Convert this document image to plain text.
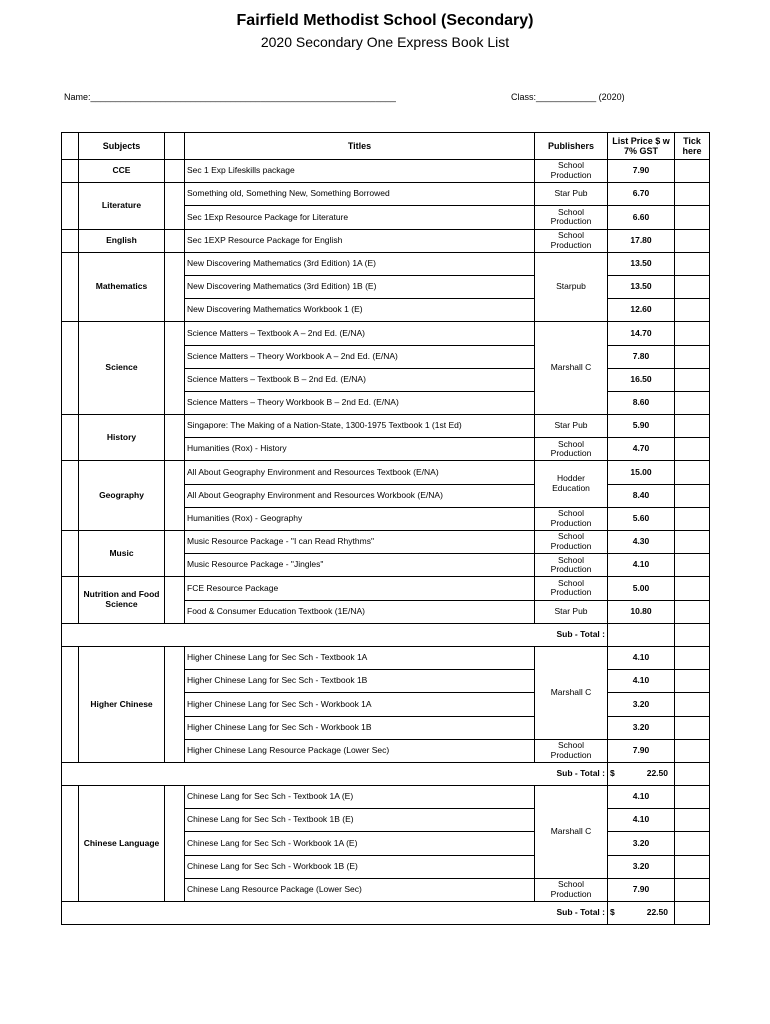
Fairfield Methodist School (Secondary)
2020 Secondary One Express Book List
Name:_____________________________________________________________	Class:____________ (2020)
	Subjects		Titles	Publishers	List Price $ w 7% GST	Tick here
	CCE		Sec 1 Exp Lifeskills package	School Production	7.90	
	Literature		Something old, Something New, Something Borrowed	Star Pub	6.70	
			Sec 1Exp Resource Package for Literature	School Production	6.60	
	English		Sec 1EXP Resource Package for English	School Production	17.80	
	Mathematics		New Discovering Mathematics (3rd Edition) 1A (E)	Starpub	13.50	
			New Discovering Mathematics (3rd Edition) 1B (E)		13.50	
			New Discovering Mathematics Workbook 1 (E)		12.60	
	Science		Science Matters – Textbook A – 2nd Ed. (E/NA)	Marshall C	14.70	
			Science Matters – Theory Workbook A – 2nd Ed. (E/NA)		7.80	
			Science Matters – Textbook B – 2nd Ed. (E/NA)		16.50	
			Science Matters – Theory Workbook B – 2nd Ed. (E/NA)		8.60	
	History		Singapore: The Making of a Nation-State, 1300-1975 Textbook 1 (1st Ed)	Star Pub	5.90	
			Humanities (Rox) - History	School Production	4.70	
	Geography		All About Geography Environment and Resources Textbook (E/NA)	Hodder Education	15.00	
			All About Geography Environment and Resources Workbook (E/NA)		8.40	
			Humanities (Rox) - Geography	School Production	5.60	
	Music		Music Resource Package - "I can Read Rhythms"	School Production	4.30	
			Music Resource Package - "Jingles"	School Production	4.10	
	Nutrition and Food Science		FCE Resource Package	School Production	5.00	
			Food & Consumer Education Textbook (1E/NA)	Star Pub	10.80	
Sub - Total :					

	Higher Chinese		Higher Chinese Lang for Sec Sch - Textbook 1A	Marshall C	4.10	
			Higher Chinese Lang for Sec Sch - Textbook 1B		4.10	
			Higher Chinese Lang for Sec Sch - Workbook 1A		3.20	
			Higher Chinese Lang for Sec Sch - Workbook 1B		3.20	
			Higher Chinese Lang Resource Package (Lower Sec)	School Production	7.90	
Sub - Total :					$ 22.50	

	Chinese Language		Chinese Lang for Sec Sch - Textbook 1A (E)	Marshall C	4.10	
			Chinese Lang for Sec Sch - Textbook 1B (E)		4.10	
			Chinese Lang for Sec Sch - Workbook 1A (E)		3.20	
			Chinese Lang for Sec Sch - Workbook 1B (E)		3.20	
			Chinese Lang Resource Package (Lower Sec)	School Production	7.90	
Sub - Total :					$ 22.50	
